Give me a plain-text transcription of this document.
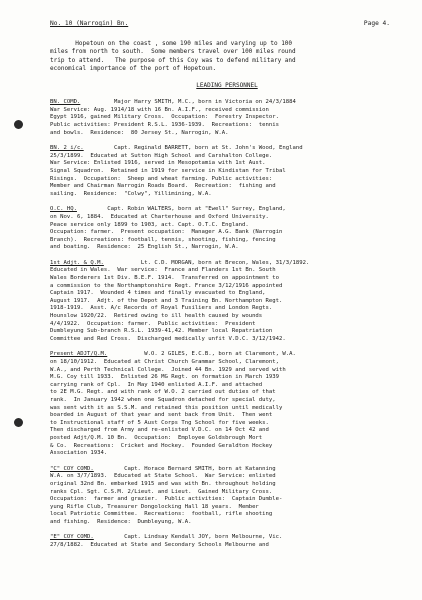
No. 10 (Narrogin) Bn.	Page 4.
Hopetoun on the coast , some 190 miles and varying up to 100
miles from north to south.  Some members travel over 100 miles round
trip to attend.   The purpose of this Coy was to defend military and
economical importance of the port of Hopetoun.
LEADING PERSONNEL
BN. COMD.          Major Harry SMITH, M.C., born in Victoria on 24/3/1884
War Service: Aug. 1914/18 with 16 Bn. A.I.F., received commission
Egypt 1916, gained Military Cross.  Occupation:  Forestry Inspector.
Public activities: President R.S.L. 1936-1939.  Recreations:  tennis
and bowls.  Residence:  80 Jersey St., Narrogin, W.A.
BN. 2 i/c.         Capt. Reginald BARRETT, born at St. John's Wood, England
25/3/1899.  Educated at Sutton High School and Carshalton College.
War Service: Enlisted 1916, served in Mesopotamia with 1st Aust.
Signal Squadron.  Retained in 1919 for service in Kindistan for Tribal
Risings.  Occupation:  Sheep and wheat farming. Public activities:
Member and Chairman Narrogin Roads Board.  Recreation:  fishing and
sailing.  Residence:  "Colwy", Yillimining, W.A.
O.C. HQ.         Capt. Robin WALTERS, born at "Ewell" Surrey, England,
on Nov. 6, 1884.  Educated at Charterhouse and Oxford University.
Peace service only 1899 to 1903, act. Capt. O.T.C. England.
Occupation: farmer.  Present occupation:  Manager A.G. Bank (Narrogin
Branch).  Recreations: football, tennis, shooting, fishing, fencing
and boating.  Residence:  25 English St., Narrogin, W.A.
1st Adjt. & Q.M.           Lt. C.D. MORGAN, born at Brecon, Wales, 31/3/1892.
Educated in Wales.  War service:  France and Flanders 1st Bn. South
Wales Borderers 1st Div. B.E.F. 1914.  Transferred on appointment to
a commission to the Northamptonshire Regt. France 3/12/1916 appointed
Captain 1917.  Wounded 4 times and finally evacuated to England,
August 1917.  Adjt. of the Depot and 3 Training Bn. Northampton Regt.
1918-1919.  Asst. A/c Records of Royal Fusiliers and London Regts.
Hounslow 1920/22.  Retired owing to ill health caused by wounds
4/4/1922.  Occupation: farmer.  Public activities:  President
Dumbleyung Sub-branch R.S.L. 1939-41,42. Member local Repatriation
Committee and Red Cross.  Discharged medically unfit V.D.C. 3/12/1942.
Present ADJT/Q.M.           W.O. 2 GILES, E.C.B., born at Claremont, W.A.
on 18/10/1912.  Educated at Christ Church Grammar School, Claremont,
W.A., and Perth Technical College.  Joined 44 Bn. 1929 and served with
M.G. Coy till 1933.  Enlisted 26 MG Regt. on formation in March 1939
carrying rank of Cpl.  In May 1940 enlisted A.I.F. and attached
to 2E M.G. Regt. and with rank of W.O. 2 carried out duties of that
rank.  In January 1942 when one Squadron detached for special duty,
was sent with it as S.S.M. and retained this position until medically
boarded in August of that year and sent back from Unit.  Then went
to Instructional staff of 5 Aust Corps Tng School for five weeks.
Then discharged from Army and re-enlisted V.D.C. on 14 Oct 42 and
posted Adjt/Q.M. 10 Bn.  Occupation:  Employee Goldsbrough Mort
& Co.  Recreations:  Cricket and Hockey.  Founded Geraldton Hockey
Association 1934.
"C" COY COMD.         Capt. Horace Bernard SMITH, born at Katanning
W.A. on 3/7/1893.  Educated at State School.  War Service: enlisted
original 32nd Bn. embarked 1915 and was with Bn. throughout holding
ranks Cpl. Sgt. C.S.M. 2/Lieut. and Lieut.  Gained Military Cross.
Occupation:  farmer and grazier.  Public activities:  Captain Dumble-
yung Rifle Club, Treasurer Dongolocking Hall 18 years.  Member
local Patriotic Committee.  Recreations:  football, rifle shooting
and fishing.  Residence:  Dumbleyung, W.A.
"E" COY COMD.         Capt. Lindsay Kendall JOY, born Melbourne, Vic.
27/8/1882.  Educated at State and Secondary Schools Melbourne and
